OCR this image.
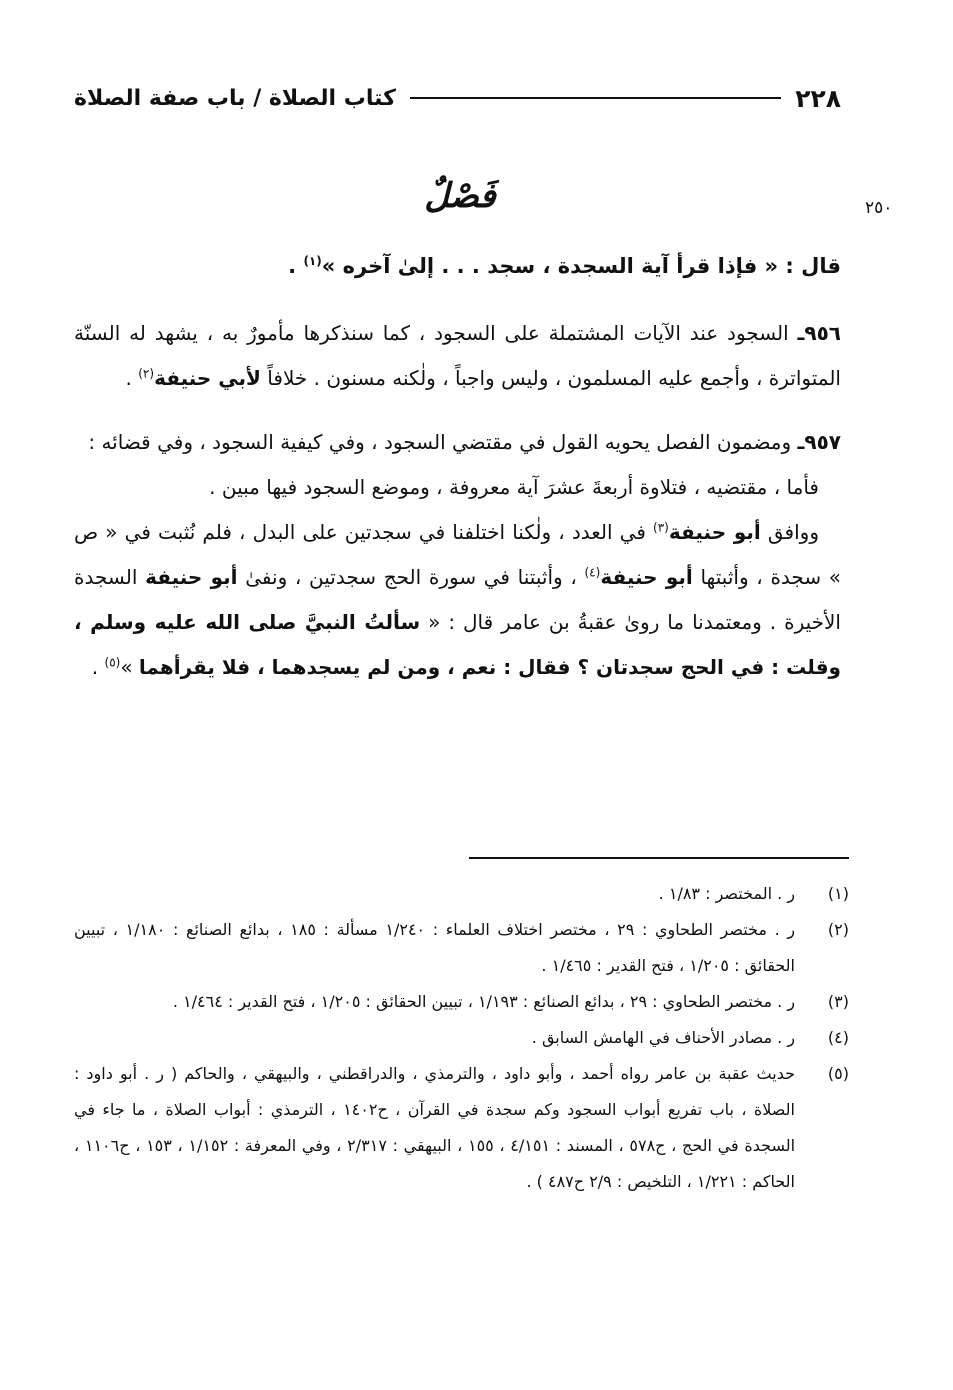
٢٢٨
كتاب الصلاة / باب صفة الصلاة
٢٥٠
فَصْلٌ
قال : « فإذا قرأ آية السجدة ، سجد . . . إلىٰ آخره »$^{(١)}$ .

٩٥٦ـ السجود عند الآيات المشتملة على السجود ، كما سنذكرها مأمورٌ به ، يشهد له السنّة المتواترة ، وأجمع عليه المسلمون ، وليس واجباً ، ولٰكنه مسنون . خلافاً لأبي حنيفة$^{(٢)}$ .

٩٥٧ـ ومضمون الفصل يحويه القول في مقتضي السجود ، وفي كيفية السجود ، وفي قضائه :

فأما ، مقتضيه ، فتلاوة أربعةَ عشرَ آية معروفة ، وموضع السجود فيها مبين .

ووافق أبو حنيفة$^{(٣)}$ في العدد ، ولٰكنا اختلفنا في سجدتين على البدل ، فلم نُثبت في « ص » سجدة ، وأثبتها أبو حنيفة$^{(٤)}$ ، وأثبتنا في سورة الحج سجدتين ، ونفىٰ أبو حنيفة السجدة الأخيرة . ومعتمدنا ما رویٰ عقبةُ بن عامر قال : « سألتُ النبيَّ صلى الله عليه وسلم ، وقلت : في الحج سجدتان ؟ فقال : نعم ، ومن لم يسجدهما ، فلا يقرأهما »$^{(٥)}$ .

(١)
ر . المختصر : ١/٨٣ .
(٢)
ر . مختصر الطحاوي : ٢٩ ، مختصر اختلاف العلماء : ١/٢٤٠ مسألة : ١٨٥ ، بدائع الصنائع : ١/١٨٠ ، تبيين الحقائق : ١/٢٠٥ ، فتح القدير : ١/٤٦٥ .
(٣)
ر . مختصر الطحاوي : ٢٩ ، بدائع الصنائع : ١/١٩٣ ، تبيين الحقائق : ١/٢٠٥ ، فتح القدير : ١/٤٦٤ .
(٤)
ر . مصادر الأحناف في الهامش السابق .
(٥)
حديث عقبة بن عامر رواه أحمد ، وأبو داود ، والترمذي ، والدراقطني ، والبيهقي ، والحاكم ( ر . أبو داود : الصلاة ، باب تفريع أبواب السجود وكم سجدة في القرآن ، ح١٤٠٢ ، الترمذي : أبواب الصلاة ، ما جاء في السجدة في الحج ، ح٥٧٨ ، المسند : ٤/١٥١ ، ١٥٥ ، البيهقي : ٢/٣١٧ ، وفي المعرفة : ١/١٥٢ ، ١٥٣ ، ح١١٠٦ ، الحاكم : ١/٢٢١ ، التلخيص : ٢/٩ ح٤٨٧ ) .
